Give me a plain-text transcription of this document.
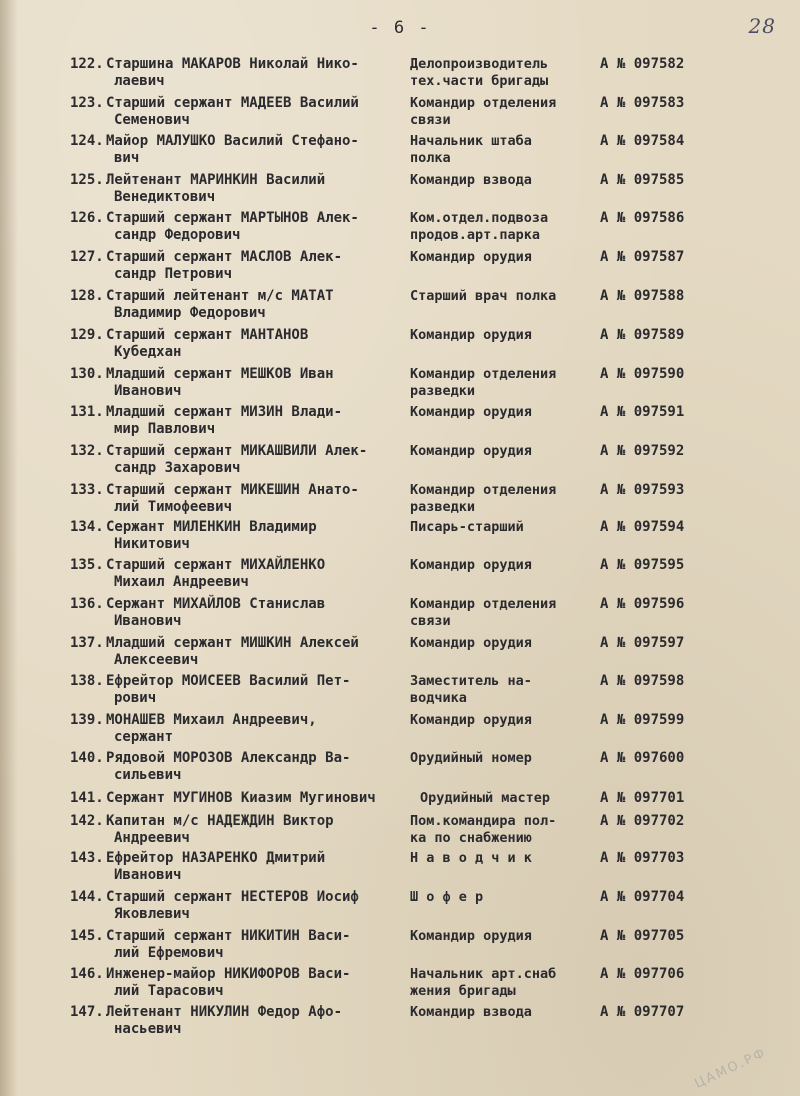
- 6 -	28
122. Старшина МАКАРОВ Николай Нико-
лаевич
Делопроизводитель
тех.части бригады
А № 097582
123. Старший сержант МАДЕЕВ Василий
Семенович
Командир отделения
связи
А № 097583
124. Майор МАЛУШКО Василий Стефано-
вич
Начальник штаба
полка
А № 097584
125. Лейтенант МАРИНКИН Василий
Венедиктович
Командир взвода	А № 097585
126. Старший сержант МАРТЫНОВ Алек-
сандр Федорович
Ком.отдел.подвоза
продов.арт.парка
А № 097586
127. Старший сержант МАСЛОВ Алек-
сандр Петрович
Командир орудия	А № 097587
128. Старший лейтенант м/с МАТАТ
Владимир Федорович
Старший врач полка	А № 097588
129. Старший сержант МАНТАНОВ
Кубедхан
Командир орудия	А № 097589
130. Младший сержант МЕШКОВ Иван
Иванович
Командир отделения
разведки
А № 097590
131. Младший сержант МИЗИН Влади-
мир Павлович
Командир орудия	А № 097591
132. Старший сержант МИКАШВИЛИ Алек-
сандр Захарович
Командир орудия	А № 097592
133. Старший сержант МИКЕШИН Анато-
лий Тимофеевич
Командир отделения
разведки
А № 097593
134. Сержант МИЛЕНКИН Владимир
Никитович
Писарь-старший	А № 097594
135. Старший сержант МИХАЙЛЕНКО
Михаил Андреевич
Командир орудия	А № 097595
136. Сержант МИХАЙЛОВ Станислав
Иванович
Командир отделения
связи
А № 097596
137. Младший сержант МИШКИН Алексей
Алексеевич
Командир орудия	А № 097597
138. Ефрейтор МОИСЕЕВ Василий Пет-
рович
Заместитель на-
водчика
А № 097598
139. МОНАШЕВ Михаил Андреевич,
сержант
Командир орудия	А № 097599
140. Рядовой МОРОЗОВ Александр Ва-
сильевич
Орудийный номер	А № 097600
141. Сержант МУГИНОВ Киазим Мугинович	Орудийный мастер	А № 097701
142. Капитан м/с НАДЕЖДИН Виктор
Андреевич
Пом.командира пол-
ка по снабжению
А № 097702
143. Ефрейтор НАЗАРЕНКО Дмитрий
Иванович
Н а в о д ч и к	А № 097703
144. Старший сержант НЕСТЕРОВ Иосиф
Яковлевич
Ш о ф е р	А № 097704
145. Старший сержант НИКИТИН Васи-
лий Ефремович
Командир орудия	А № 097705
146. Инженер-майор НИКИФОРОВ Васи-
лий Тарасович
Начальник арт.снаб
жения бригады
А № 097706
147. Лейтенант НИКУЛИН Федор Афо-
насьевич
Командир взвода	А № 097707
ЦАМО.РФ
